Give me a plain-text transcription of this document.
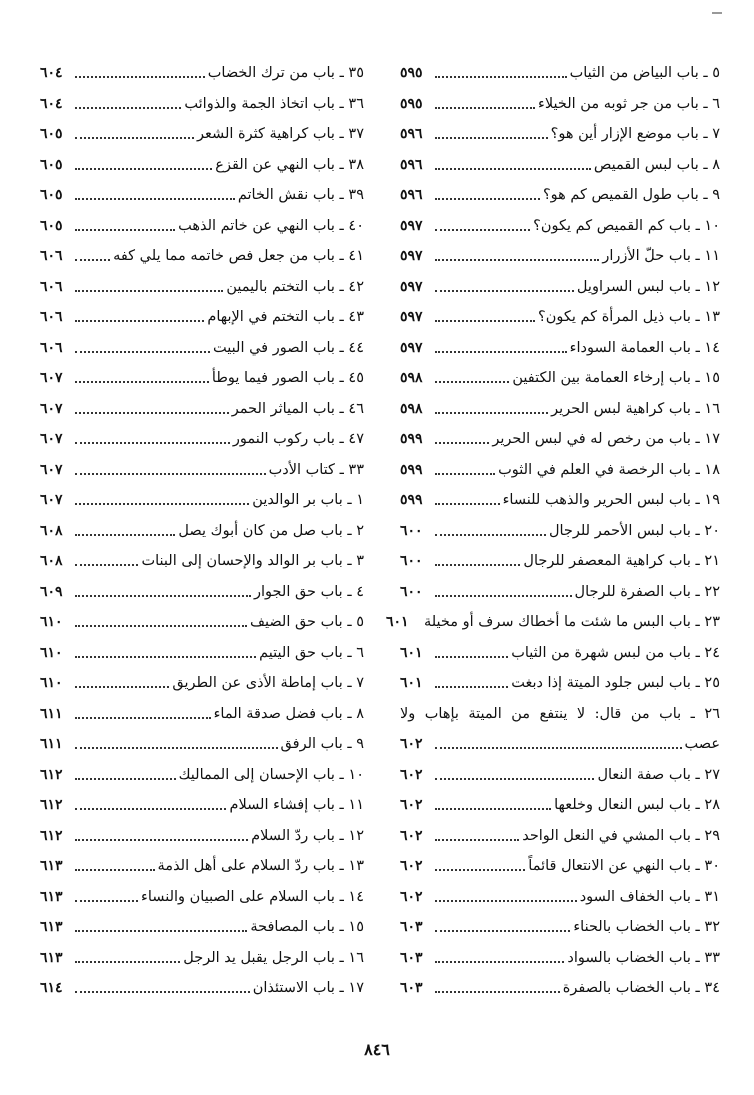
٥ ـ باب البياض من الثياب
٥٩٥
٦ ـ باب من جر ثوبه من الخيلاء
٥٩٥
٧ ـ باب موضع الإزار أين هو؟
٥٩٦
٨ ـ باب لبس القميص
٥٩٦
٩ ـ باب طول القميص كم هو؟
٥٩٦
١٠ ـ باب كم القميص كم يكون؟
٥٩٧
١١ ـ باب حلّ الأزرار
٥٩٧
١٢ ـ باب لبس السراويل
٥٩٧
١٣ ـ باب ذيل المرأة كم يكون؟
٥٩٧
١٤ ـ باب العمامة السوداء
٥٩٧
١٥ ـ باب إرخاء العمامة بين الكتفين
٥٩٨
١٦ ـ باب كراهية لبس الحرير
٥٩٨
١٧ ـ باب من رخص له في لبس الحرير
٥٩٩
١٨ ـ باب الرخصة في العلم في الثوب
٥٩٩
١٩ ـ باب لبس الحرير والذهب للنساء
٥٩٩
٢٠ ـ باب لبس الأحمر للرجال
٦٠٠
٢١ ـ باب كراهية المعصفر للرجال
٦٠٠
٢٢ ـ باب الصفرة للرجال
٦٠٠
٢٣ ـ باب البس ما شئت ما أخطاك سرف أو مخيلة
٦٠١
٢٤ ـ باب من لبس شهرة من الثياب
٦٠١
٢٥ ـ باب لبس جلود الميتة إذا دبغت
٦٠١
٢٦ ـ باب من قال: لا ينتفع من الميتة بإهاب ولا
عصب
٦٠٢
٢٧ ـ باب صفة النعال
٦٠٢
٢٨ ـ باب لبس النعال وخلعها
٦٠٢
٢٩ ـ باب المشي في النعل الواحد
٦٠٢
٣٠ ـ باب النهي عن الانتعال قائماً
٦٠٢
٣١ ـ باب الخفاف السود
٦٠٢
٣٢ ـ باب الخضاب بالحناء
٦٠٣
٣٣ ـ باب الخضاب بالسواد
٦٠٣
٣٤ ـ باب الخضاب بالصفرة
٦٠٣
٣٥ ـ باب من ترك الخضاب
٦٠٤
٣٦ ـ باب اتخاذ الجمة والذوائب
٦٠٤
٣٧ ـ باب كراهية كثرة الشعر
٦٠٥
٣٨ ـ باب النهي عن القزع
٦٠٥
٣٩ ـ باب نقش الخاتم
٦٠٥
٤٠ ـ باب النهي عن خاتم الذهب
٦٠٥
٤١ ـ باب من جعل فص خاتمه مما يلي كفه
٦٠٦
٤٢ ـ باب التختم باليمين
٦٠٦
٤٣ ـ باب التختم في الإبهام
٦٠٦
٤٤ ـ باب الصور في البيت
٦٠٦
٤٥ ـ باب الصور فيما يوطأ
٦٠٧
٤٦ ـ باب المياثر الحمر
٦٠٧
٤٧ ـ باب ركوب النمور
٦٠٧
٣٣ ـ كتاب الأدب
٦٠٧
١ ـ باب بر الوالدين
٦٠٧
٢ ـ باب صل من كان أبوك يصل
٦٠٨
٣ ـ باب بر الوالد والإحسان إلى البنات
٦٠٨
٤ ـ باب حق الجوار
٦٠٩
٥ ـ باب حق الضيف
٦١٠
٦ ـ باب حق اليتيم
٦١٠
٧ ـ باب إماطة الأذى عن الطريق
٦١٠
٨ ـ باب فضل صدقة الماء
٦١١
٩ ـ باب الرفق
٦١١
١٠ ـ باب الإحسان إلى المماليك
٦١٢
١١ ـ باب إفشاء السلام
٦١٢
١٢ ـ باب ردّ السلام
٦١٢
١٣ ـ باب ردّ السلام على أهل الذمة
٦١٣
١٤ ـ باب السلام على الصبيان والنساء
٦١٣
١٥ ـ باب المصافحة
٦١٣
١٦ ـ باب الرجل يقبل يد الرجل
٦١٣
١٧ ـ باب الاستئذان
٦١٤
٨٤٦
